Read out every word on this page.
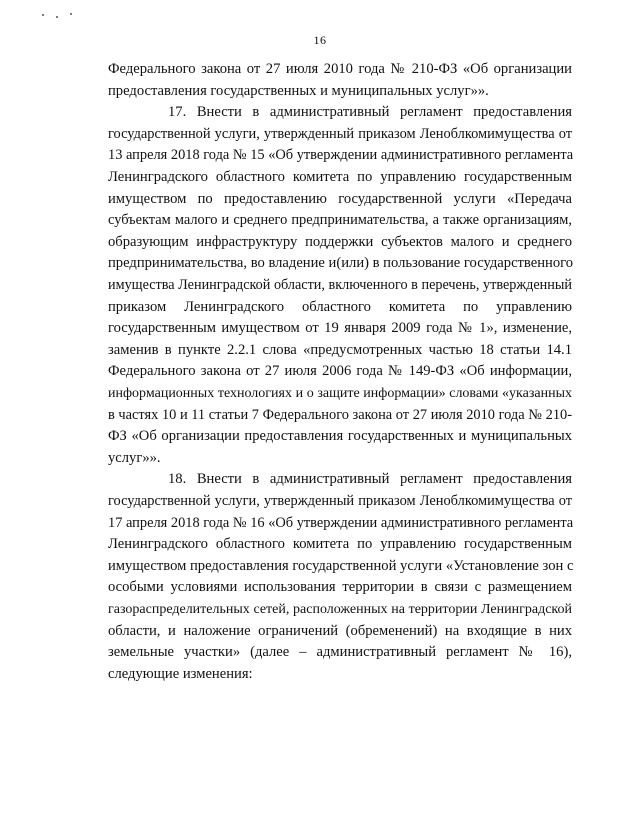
16
Федерального закона от 27 июля 2010 года № 210-ФЗ «Об организации
предоставления государственных и муниципальных услуг»».
17. Внести в административный регламент предоставления
государственной услуги, утвержденный приказом Леноблкомимущества от
13 апреля 2018 года № 15 «Об утверждении административного регламента
Ленинградского областного комитета по управлению государственным
имуществом по предоставлению государственной услуги «Передача
субъектам малого и среднего предпринимательства, а также организациям,
образующим инфраструктуру поддержки субъектов малого и среднего
предпринимательства, во владение и(или) в пользование государственного
имущества Ленинградской области, включенного в перечень, утвержденный
приказом Ленинградского областного комитета по управлению
государственным имуществом от 19 января 2009 года № 1», изменение,
заменив в пункте 2.2.1 слова «предусмотренных частью 18 статьи 14.1
Федерального закона от 27 июля 2006 года № 149-ФЗ «Об информации,
информационных технологиях и о защите информации» словами «указанных
в частях 10 и 11 статьи 7 Федерального закона от 27 июля 2010 года № 210-
ФЗ «Об организации предоставления государственных и муниципальных
услуг»».
18. Внести в административный регламент предоставления
государственной услуги, утвержденный приказом Леноблкомимущества от
17 апреля 2018 года № 16 «Об утверждении административного регламента
Ленинградского областного комитета по управлению государственным
имуществом предоставления государственной услуги «Установление зон с
особыми условиями использования территории в связи с размещением
газораспределительных сетей, расположенных на территории Ленинградской
области, и наложение ограничений (обременений) на входящие в них
земельные участки» (далее – административный регламент № 16),
следующие изменения:
